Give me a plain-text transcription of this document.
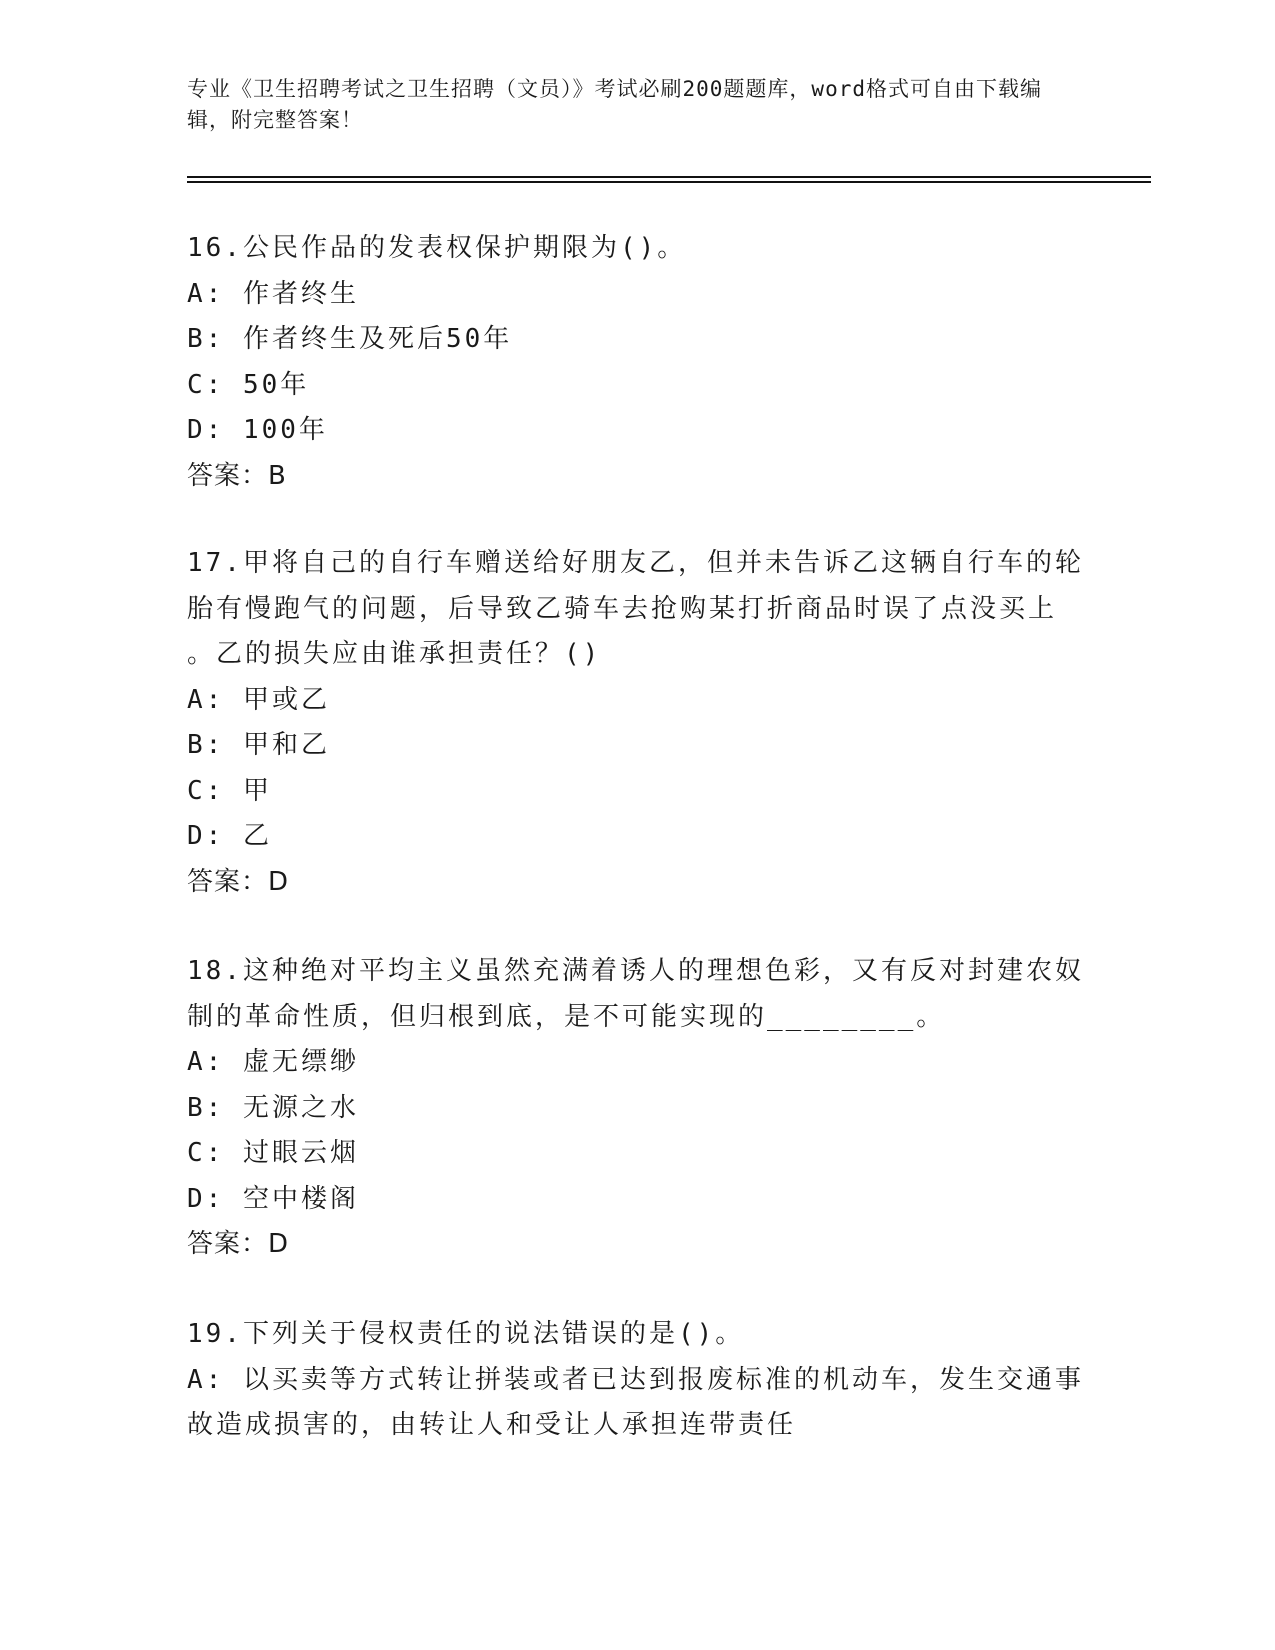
专业《卫生招聘考试之卫生招聘（文员）》考试必刷200题题库，word格式可自由下载编辑，附完整答案！
16.公民作品的发表权保护期限为()。
A: 作者终生
B: 作者终生及死后50年
C: 50年
D: 100年
答案：B
17.甲将自己的自行车赠送给好朋友乙，但并未告诉乙这辆自行车的轮
胎有慢跑气的问题，后导致乙骑车去抢购某打折商品时误了点没买上
。乙的损失应由谁承担责任？()
A: 甲或乙
B: 甲和乙
C: 甲
D: 乙
答案：D
18.这种绝对平均主义虽然充满着诱人的理想色彩，又有反对封建农奴
制的革命性质，但归根到底，是不可能实现的________。
A: 虚无缥缈
B: 无源之水
C: 过眼云烟
D: 空中楼阁
答案：D
19.下列关于侵权责任的说法错误的是()。
A: 以买卖等方式转让拼装或者已达到报废标准的机动车，发生交通事
故造成损害的，由转让人和受让人承担连带责任
